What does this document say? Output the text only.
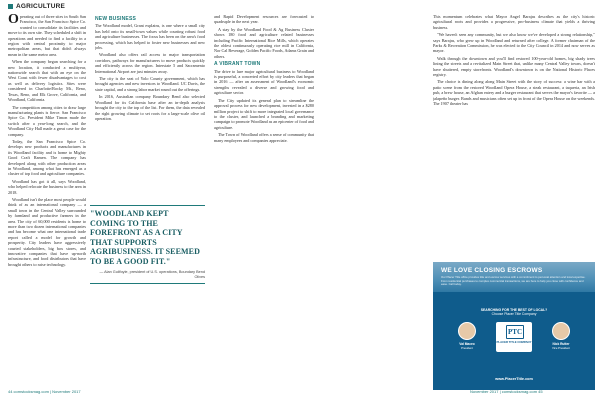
AGRICULTURE

Operating out of three sites in South San Francisco, the San Francisco Spice Co. wanted to consolidate its facilities and move to its own site. They scheduled a shift in operations and needed to find a facility in a region with central proximity to major metropolitan areas, but that didn't always mean in the same metro area.

When the company began searching for a new location, it conducted a multiyear, nationwide search that with an eye on the West Coast with fewer disadvantages to cost as well as delivery logistics. Sites were considered in Charlotte/Rocky Mt., Reno, Texas, Reno, and Elk Grove, California, and Woodland, California.

The competition among cities to draw large manufacturing plants is fierce. San Francisco Spice Co. President Mike Timon made the switch after a year-long search, and the Woodland City Hall made a great case for the company.

Today, the San Francisco Spice Co. develops new products and manufactures in its Woodland facility and is home to Mighty Good Craft Ramen. The company has developed along with other production areas in Woodland, among what has emerged as a cluster of top food and agriculture companies.

Woodland has got it all, says Woodland, who helped relocate the business to the area in 2018.

Woodland isn't the place most people would think of as an international company — a small town in the Central Valley surrounded by farmland and productive farmers in the area. The city of 60,000 residents is home to more than two dozen international companies and has become what one international trade report called a model for growth and prosperity. City leaders have aggressively courted stakeholders, big box stores, and innovative companies that have up-north infrastructure, and food distributors that have brought others to raise technology.

NEW BUSINESS

The Woodland model, Grant explains, is one where a small city has held onto its small-town values while courting robust food and agriculture businesses. The focus has been on the area's food processing, which has helped to foster new businesses and new jobs.

Woodland also offers rail access to major transportation corridors, pathways for manufacturers to move products quickly and efficiently across the region. Interstate 5 and Sacramento International Airport are just minutes away.

The city is the seat of Yolo County government, which has brought agencies and new investors to Woodland. UC Davis, the state capital, and a strong labor market round out the offerings.

In 2016, Australian company Boundary Bend also selected Woodland for its California base after an in-depth analysis brought the city to the top of the list. For them, the data revealed the right growing climate to set roots for a large-scale olive oil operation.

"WOODLAND KEPT COMING TO THE FOREFRONT AS A CITY THAT SUPPORTS AGRIBUSINESS. IT SEEMED TO BE A GOOD FIT."
— Alan Guilfoyle, president of U.S. operations, Boundary Bend Olives

and Rapid Development resources are forecasted to quadruple in the next year.

A stay by the Woodland Food & Ag Business Cluster shows 180 food and agriculture related businesses including Pacific International Rice Mills, which operates the oldest continuously operating rice mill in California, Nor Cal Beverage, Golden Pacific Foods, Adams Grain and others.

A VIBRANT TOWN

The drive to lure major agricultural business to Woodland is purposeful, a concerted effort by city leaders that began in 2016 — after an assessment of Woodland's economic strengths revealed a diverse and growing food and agriculture sector.

The City updated its general plan to streamline the approval process for new development, invested in a $280 million project to shift to more integrated local governance to the cluster, and launched a branding and marketing campaign to promote Woodland as an epicenter of food and agriculture.

The Town of Woodland offers a sense of community that many employees and companies appreciate.

This momentum celebrates what Mayor Angel Barajas describes as the city's historic agricultural roots and provides a progressive, pro-business climate that yields a thriving business.

"We haven't seen any community, but we also know we've developed a strong relationship," says Barajas, who grew up in Woodland and returned after college. A former chairman of the Parks & Recreation Commission, he was elected to the City Council in 2014 and now serves as mayor.

Walk through the downtown and you'll find restored 100-year-old homes, big shady trees lining the streets and a revitalized Main Street that, unlike many Central Valley towns, doesn't have shuttered, empty storefronts. Woodland's downtown is on the National Historic Places registry.

The choice is dining along along Main Street with the story of success: a wine bar with a patio scene from the restored Woodland Opera House, a steak restaurant, a taqueria, an Irish pub, a brew house, an Afghan eatery and a burger restaurant that serves the mayor's favorite — a jalapeño burger. Bands and musicians often set up in front of the Opera House on the weekends. The 1907 theater has

WE LOVE CLOSING ESCROWS
Our Placer Title office provides title and escrow services with a commitment to personal attention and local expertise. From residential purchases to complex commercial transactions, we are here to help you close with confidence and ease. Call today.
SEARCHING FOR THE BEST OF LOCAL?
Choose Placer Title Company
Val Maceo
President
Nick Rutter
Vice President
PTC
PLACER TITLE COMPANY
www.PlacerTitle.com
44 comstocksmag.com | November 2017	November 2017 | comstocksmag.com 45
